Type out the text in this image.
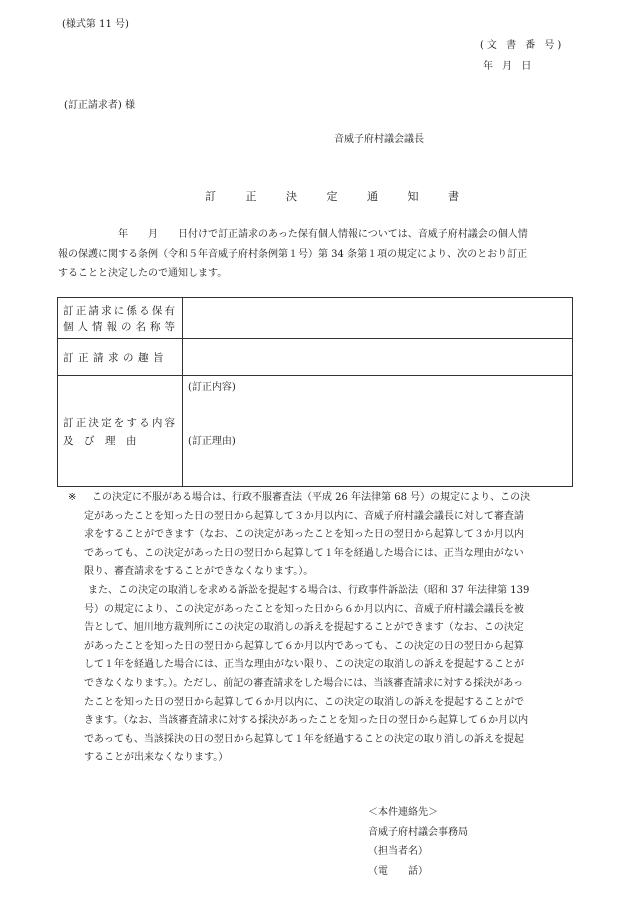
(様式第 11 号)
(文 書 番 号)
年 月 日
(訂正請求者) 様
音威子府村議会議長
訂 正 決 定 通 知 書
年　　月　　日付けで訂正請求のあった保有個人情報については、音威子府村議会の個人情
報の保護に関する条例（令和５年音威子府村条例第１号）第 34 条第１項の規定により、次のとおり訂正
することと決定したので通知します。
訂 正 請 求 に 係 る 保 有
個 人 情 報 の 名 称 等
訂正請求の趣旨
訂 正 決 定 を す る 内 容
及　び　理　由
(訂正内容)
(訂正理由)
※ この決定に不服がある場合は、行政不服審査法（平成 26 年法律第 68 号）の規定により、この決
定があったことを知った日の翌日から起算して３か月以内に、音威子府村議会議長に対して審査請
求をすることができます（なお、この決定があったことを知った日の翌日から起算して３か月以内
であっても、この決定があった日の翌日から起算して１年を経過した場合には、正当な理由がない
限り、審査請求をすることができなくなります。）。
また、この決定の取消しを求める訴訟を提起する場合は、行政事件訴訟法（昭和 37 年法律第 139
号）の規定により、この決定があったことを知った日から６か月以内に、音威子府村議会議長を被
告として、旭川地方裁判所にこの決定の取消しの訴えを提起することができます（なお、この決定
があったことを知った日の翌日から起算して６か月以内であっても、この決定の日の翌日から起算
して１年を経過した場合には、正当な理由がない限り、この決定の取消しの訴えを提起することが
できなくなります。）。ただし、前記の審査請求をした場合には、当該審査請求に対する採決があっ
たことを知った日の翌日から起算して６か月以内に、この決定の取消しの訴えを提起することがで
きます。（なお、当該審査請求に対する採決があったことを知った日の翌日から起算して６か月以内
であっても、当該採決の日の翌日から起算して１年を経過することの決定の取り消しの訴えを提起
することが出来なくなります。）
＜本件連絡先＞
音威子府村議会事務局
（担当者名）
（電　　話）
